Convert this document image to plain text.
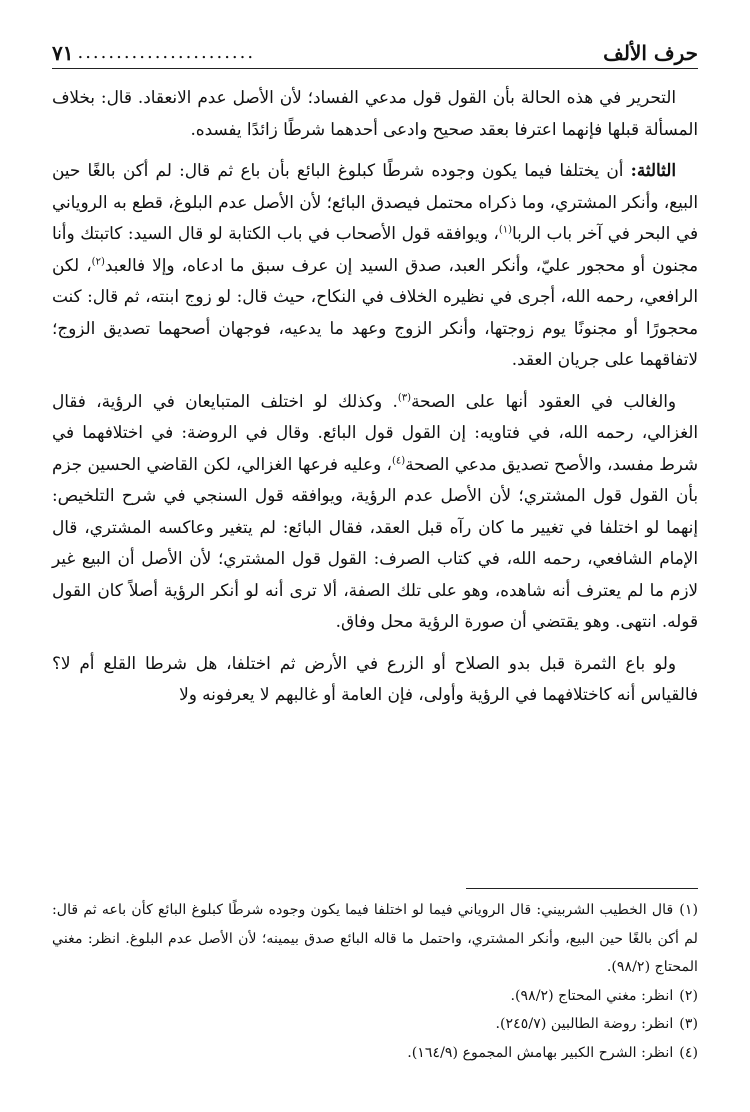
حرف الألف
.......................
٧١

التحرير في هذه الحالة بأن القول قول مدعي الفساد؛ لأن الأصل عدم الانعقاد. قال: بخلاف المسألة قبلها فإنهما اعترفا بعقد صحيح وادعى أحدهما شرطًا زائدًا يفسده.

الثالثة: أن يختلفا فيما يكون وجوده شرطًا كبلوغ البائع بأن باع ثم قال: لم أكن بالغًا حين البيع، وأنكر المشتري، وما ذكراه محتمل فيصدق البائع؛ لأن الأصل عدم البلوغ، قطع به الروياني في البحر في آخر باب الربا$^{(١)}$، ويوافقه قول الأصحاب في باب الكتابة لو قال السيد: كاتبتك وأنا مجنون أو محجور عليّ، وأنكر العبد، صدق السيد إن عرف سبق ما ادعاه، وإلا فالعبد$^{(٢)}$، لكن الرافعي، رحمه الله، أجرى في نظيره الخلاف في النكاح، حيث قال: لو زوج ابنته، ثم قال: كنت محجورًا أو مجنونًا يوم زوجتها، وأنكر الزوج وعهد ما يدعيه، فوجهان أصحهما تصديق الزوج؛ لاتفاقهما على جريان العقد.

والغالب في العقود أنها على الصحة$^{(٣)}$. وكذلك لو اختلف المتبايعان في الرؤية، فقال الغزالي، رحمه الله، في فتاويه: إن القول قول البائع. وقال في الروضة: في اختلافهما في شرط مفسد، والأصح تصديق مدعي الصحة$^{(٤)}$، وعليه فرعها الغزالي، لكن القاضي الحسين جزم بأن القول قول المشتري؛ لأن الأصل عدم الرؤية، ويوافقه قول السنجي في شرح التلخيص: إنهما لو اختلفا في تغيير ما كان رآه قبل العقد، فقال البائع: لم يتغير وعاكسه المشتري، قال الإمام الشافعي، رحمه الله، في كتاب الصرف: القول قول المشتري؛ لأن الأصل أن البيع غير لازم ما لم يعترف أنه شاهده، وهو على تلك الصفة، ألا ترى أنه لو أنكر الرؤية أصلاً كان القول قوله. انتهى. وهو يقتضي أن صورة الرؤية محل وفاق.

ولو باع الثمرة قبل بدو الصلاح أو الزرع في الأرض ثم اختلفا، هل شرطا القلع أم لا؟ فالقياس أنه كاختلافهما في الرؤية وأولى، فإن العامة أو غالبهم لا يعرفونه ولا

(١)قال الخطيب الشربيني: قال الروياني فيما لو اختلفا فيما يكون وجوده شرطًا كبلوغ البائع كأن باعه ثم قال: لم أكن بالغًا حين البيع، وأنكر المشتري، واحتمل ما قاله البائع صدق بيمينه؛ لأن الأصل عدم البلوغ. انظر: مغني المحتاج (٩٨/٢).

(٢)انظر: مغني المحتاج (٩٨/٢).

(٣)انظر: روضة الطالبين (٢٤٥/٧).

(٤)انظر: الشرح الكبير بهامش المجموع (١٦٤/٩).
